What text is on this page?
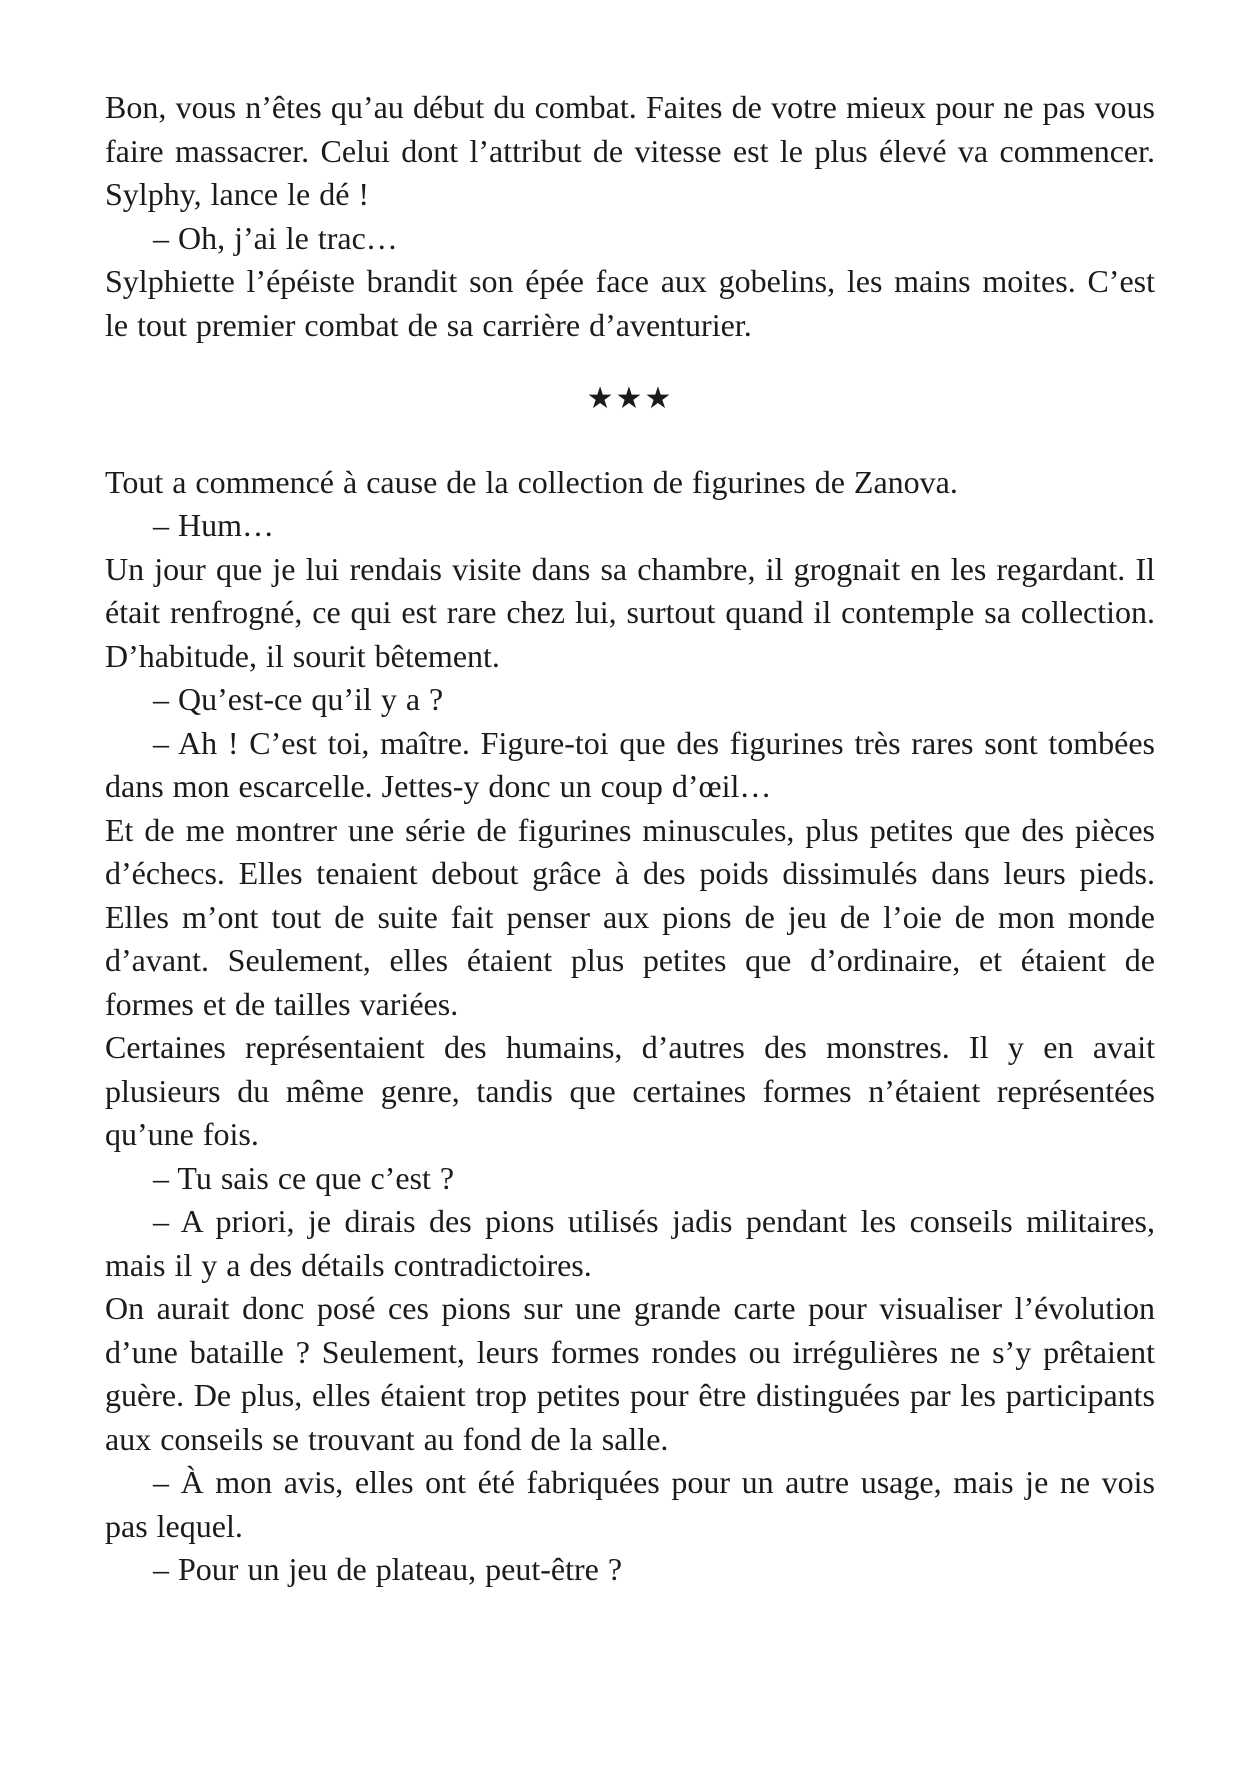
Bon, vous n’êtes qu’au début du combat. Faites de votre mieux pour ne pas vous faire massacrer. Celui dont l’attribut de vitesse est le plus élevé va commencer. Sylphy, lance le dé !

– Oh, j’ai le trac…

Sylphiette l’épéiste brandit son épée face aux gobelins, les mains moites. C’est le tout premier combat de sa carrière d’aventurier.

★★★

Tout a commencé à cause de la collection de figurines de Zanova.

– Hum…

Un jour que je lui rendais visite dans sa chambre, il grognait en les regardant. Il était renfrogné, ce qui est rare chez lui, surtout quand il contemple sa collection. D’habitude, il sourit bêtement.

– Qu’est-ce qu’il y a ?

– Ah ! C’est toi, maître. Figure-toi que des figurines très rares sont tombées dans mon escarcelle. Jettes-y donc un coup d’œil…

Et de me montrer une série de figurines minuscules, plus petites que des pièces d’échecs. Elles tenaient debout grâce à des poids dissimulés dans leurs pieds. Elles m’ont tout de suite fait penser aux pions de jeu de l’oie de mon monde d’avant. Seulement, elles étaient plus petites que d’ordinaire, et étaient de formes et de tailles variées.

Certaines représentaient des humains, d’autres des monstres. Il y en avait plusieurs du même genre, tandis que certaines formes n’étaient représentées qu’une fois.

– Tu sais ce que c’est ?

– A priori, je dirais des pions utilisés jadis pendant les conseils militaires, mais il y a des détails contradictoires.

On aurait donc posé ces pions sur une grande carte pour visualiser l’évolution d’une bataille ? Seulement, leurs formes rondes ou irrégulières ne s’y prêtaient guère. De plus, elles étaient trop petites pour être distinguées par les participants aux conseils se trouvant au fond de la salle.

– À mon avis, elles ont été fabriquées pour un autre usage, mais je ne vois pas lequel.

– Pour un jeu de plateau, peut-être ?
